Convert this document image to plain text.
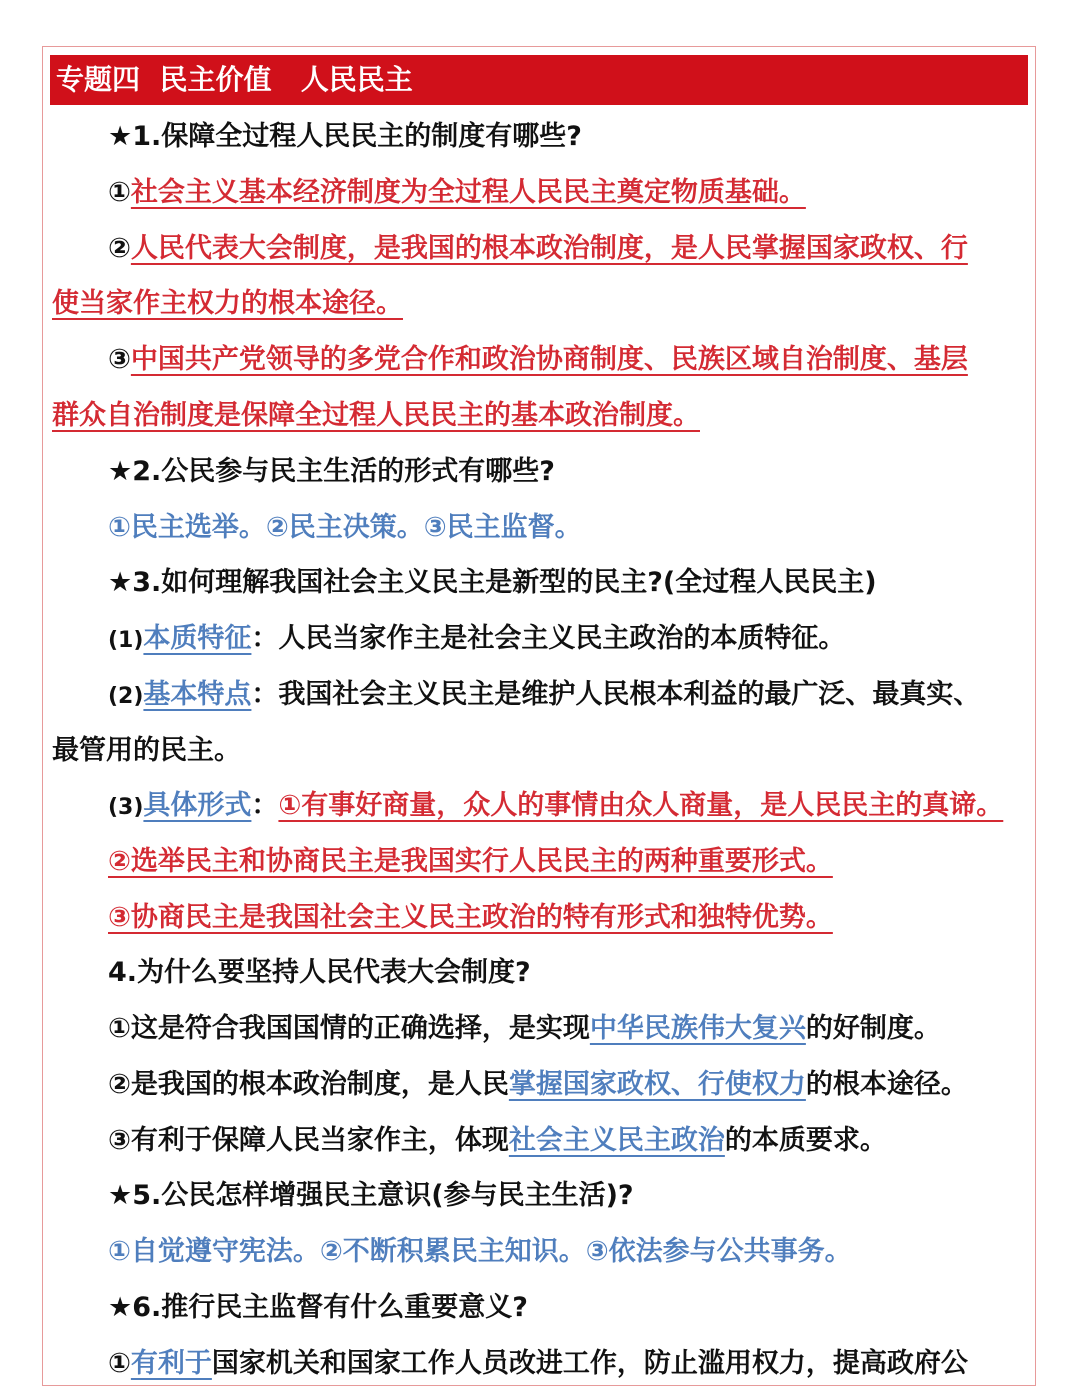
专题四  民主价值   人民民主
★1.保障全过程人民民主的制度有哪些?
①社会主义基本经济制度为全过程人民民主奠定物质基础。
②人民代表大会制度，是我国的根本政治制度，是人民掌握国家政权、行
使当家作主权力的根本途径。
③中国共产党领导的多党合作和政治协商制度、民族区域自治制度、基层
群众自治制度是保障全过程人民民主的基本政治制度。
★2.公民参与民主生活的形式有哪些?
①民主选举。②民主决策。③民主监督。
★3.如何理解我国社会主义民主是新型的民主?(全过程人民民主)
(1)本质特征：人民当家作主是社会主义民主政治的本质特征。
(2)基本特点：我国社会主义民主是维护人民根本利益的最广泛、最真实、
最管用的民主。
(3)具体形式：①有事好商量，众人的事情由众人商量，是人民民主的真谛。
②选举民主和协商民主是我国实行人民民主的两种重要形式。
③协商民主是我国社会主义民主政治的特有形式和独特优势。
4.为什么要坚持人民代表大会制度?
①这是符合我国国情的正确选择，是实现中华民族伟大复兴的好制度。
②是我国的根本政治制度，是人民掌握国家政权、行使权力的根本途径。
③有利于保障人民当家作主，体现社会主义民主政治的本质要求。
★5.公民怎样增强民主意识(参与民主生活)?
①自觉遵守宪法。②不断积累民主知识。③依法参与公共事务。
★6.推行民主监督有什么重要意义?
①有利于国家机关和国家工作人员改进工作，防止滥用权力，提高政府公
